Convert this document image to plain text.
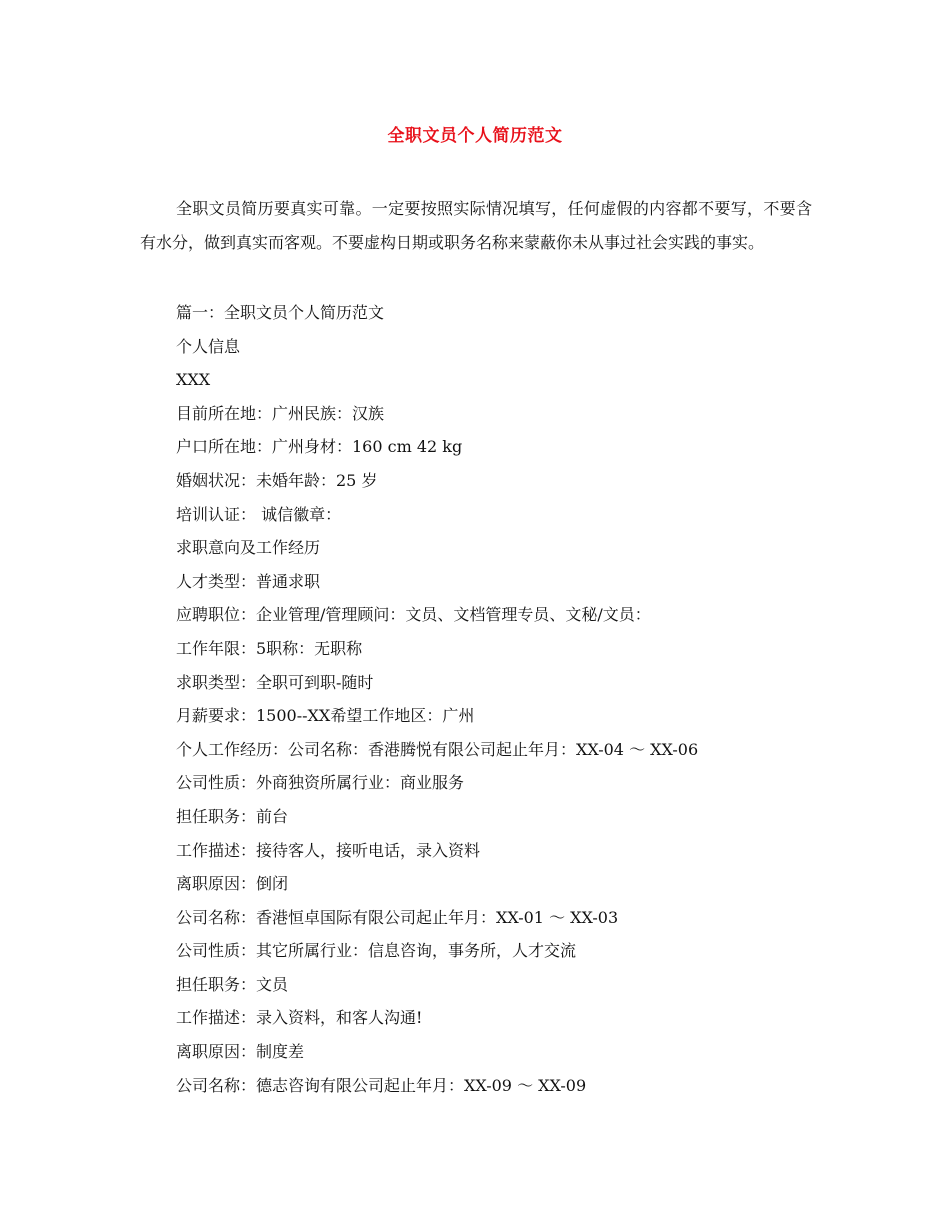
全职文员个人简历范文

全职文员简历要真实可靠。一定要按照实际情况填写，任何虚假的内容都不要写，不要含有水分，做到真实而客观。不要虚构日期或职务名称来蒙蔽你未从事过社会实践的事实。

篇一：全职文员个人简历范文
个人信息
XXX
目前所在地：广州民族：汉族
户口所在地：广州身材：160 cm 42 kg
婚姻状况：未婚年龄：25 岁
培训认证： 诚信徽章：
求职意向及工作经历
人才类型：普通求职
应聘职位：企业管理/管理顾问：文员、文档管理专员、文秘/文员：
工作年限：5职称：无职称
求职类型：全职可到职-随时
月薪要求：1500--XX希望工作地区：广州
个人工作经历：公司名称：香港腾悦有限公司起止年月：XX-04 ～ XX-06
公司性质：外商独资所属行业：商业服务
担任职务：前台
工作描述：接待客人，接听电话，录入资料
离职原因：倒闭
公司名称：香港恒卓国际有限公司起止年月：XX-01 ～ XX-03
公司性质：其它所属行业：信息咨询，事务所，人才交流
担任职务：文员
工作描述：录入资料，和客人沟通!
离职原因：制度差
公司名称：德志咨询有限公司起止年月：XX-09 ～ XX-09
